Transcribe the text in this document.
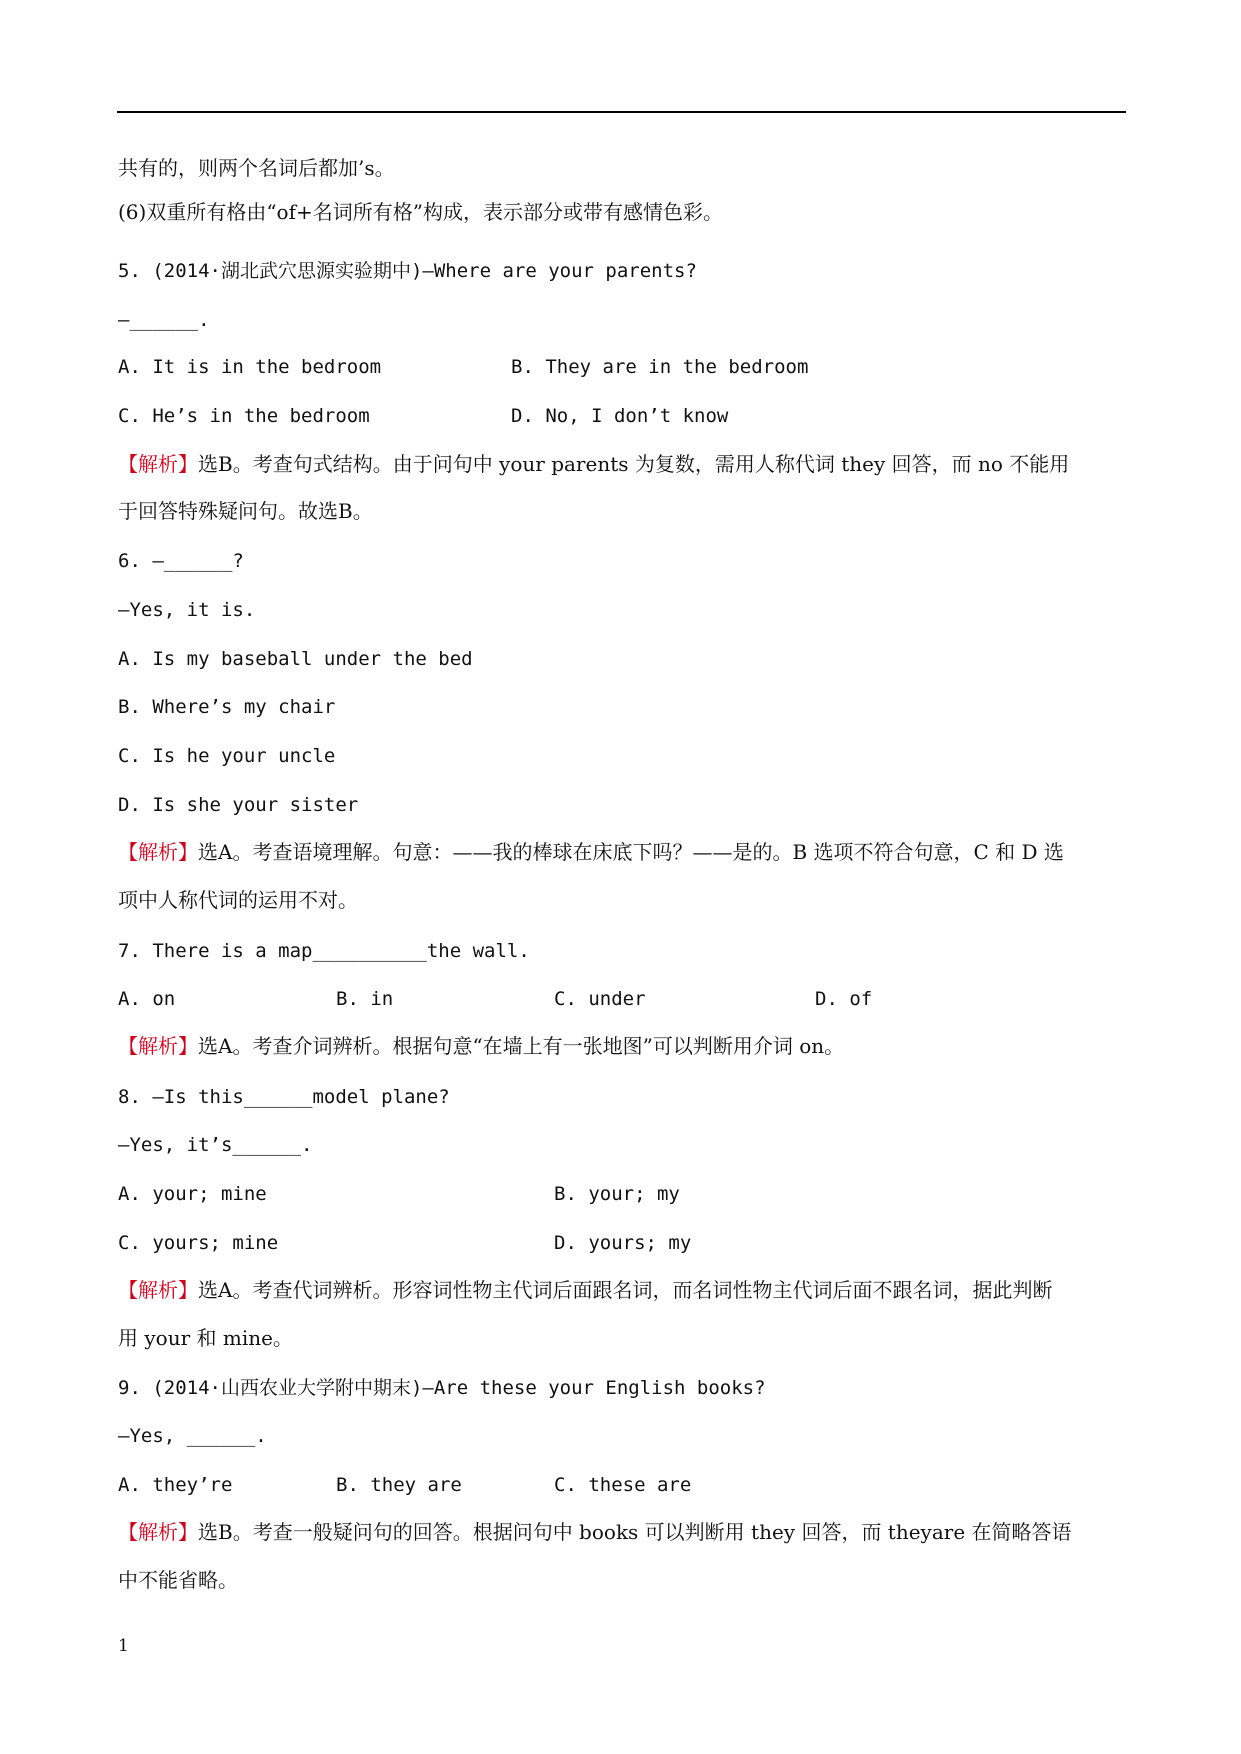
共有的，则两个名词后都加’s。
(6)双重所有格由“of+名词所有格”构成，表示部分或带有感情色彩。
5. (2014·湖北武穴思源实验期中)—Where are your parents?
—______.
A. It is in the bedroom	B. They are in the bedroom
C. He’s in the bedroom	D. No, I don’t know
【解析】选B。考查句式结构。由于问句中 your parents 为复数，需用人称代词 they 回答，而 no 不能用
于回答特殊疑问句。故选B。
6. —______?
—Yes, it is.
A. Is my baseball under the bed
B. Where’s my chair
C. Is he your uncle
D. Is she your sister
【解析】选A。考查语境理解。句意：——我的棒球在床底下吗？——是的。B 选项不符合句意，C 和 D 选
项中人称代词的运用不对。
7. There is a map__________the wall.
A. on	B. in	C. under	D. of
【解析】选A。考查介词辨析。根据句意“在墙上有一张地图”可以判断用介词 on。
8. —Is this______model plane?
—Yes, it’s______.
A. your; mine	B. your; my
C. yours; mine	D. yours; my
【解析】选A。考查代词辨析。形容词性物主代词后面跟名词，而名词性物主代词后面不跟名词，据此判断
用 your 和 mine。
9. (2014·山西农业大学附中期末)—Are these your English books?
—Yes, ______.
A. they’re	B. they are	C. these are
【解析】选B。考查一般疑问句的回答。根据问句中 books 可以判断用 they 回答，而 theyare 在简略答语
中不能省略。
1
